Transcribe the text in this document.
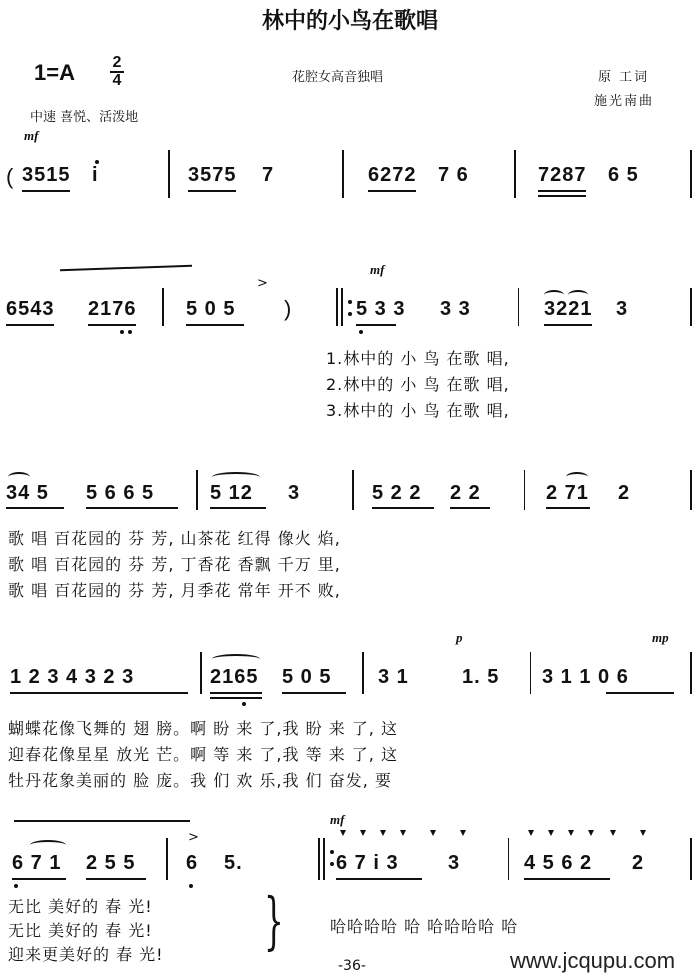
林中的小鸟在歌唱
1=A 2
4	花腔女高音独唱	原 工词
施光南曲
中速 喜悦、活泼地
mf
( 3515 i	3575 7	6272 7 6	7287 6 5
mf
6543 2176 5 0 5 )
>
5 3 3 3 3	3221 3
1.林中的 小 鸟 在歌 唱,
2.林中的 小 鸟 在歌 唱,
3.林中的 小 鸟 在歌 唱,
34 5 5 6 6 5	5 12 3	5 2 2 2 2	2 71 2
歌 唱 百花园的 芬 芳, 山茶花 红得 像火 焰,
歌 唱 百花园的 芬 芳, 丁香花 香飘 千万 里,
歌 唱 百花园的 芬 芳, 月季花 常年 开不 败,
p	mp
1 2 3 4 3 2 3	2165 5 0 5 3 1	1. 5 3 1 1 0 6
蝴蝶花像飞舞的 翅 膀。啊 盼 来 了,我 盼 来 了, 这
迎春花像星星 放光 芒。啊 等 来 了,我 等 来 了, 这
牡丹花象美丽的 脸 庞。我 们 欢 乐,我 们 奋发, 要
mf
>
6 7 1 2 5 5	6 5.	6 7 i 3 3	4 5 6 2 2
无比 美好的 春 光!
无比 美好的 春 光!
迎来更美好的 春 光! }	哈哈哈哈 哈 哈哈哈哈 哈
-36-	www.jcqupu.com
